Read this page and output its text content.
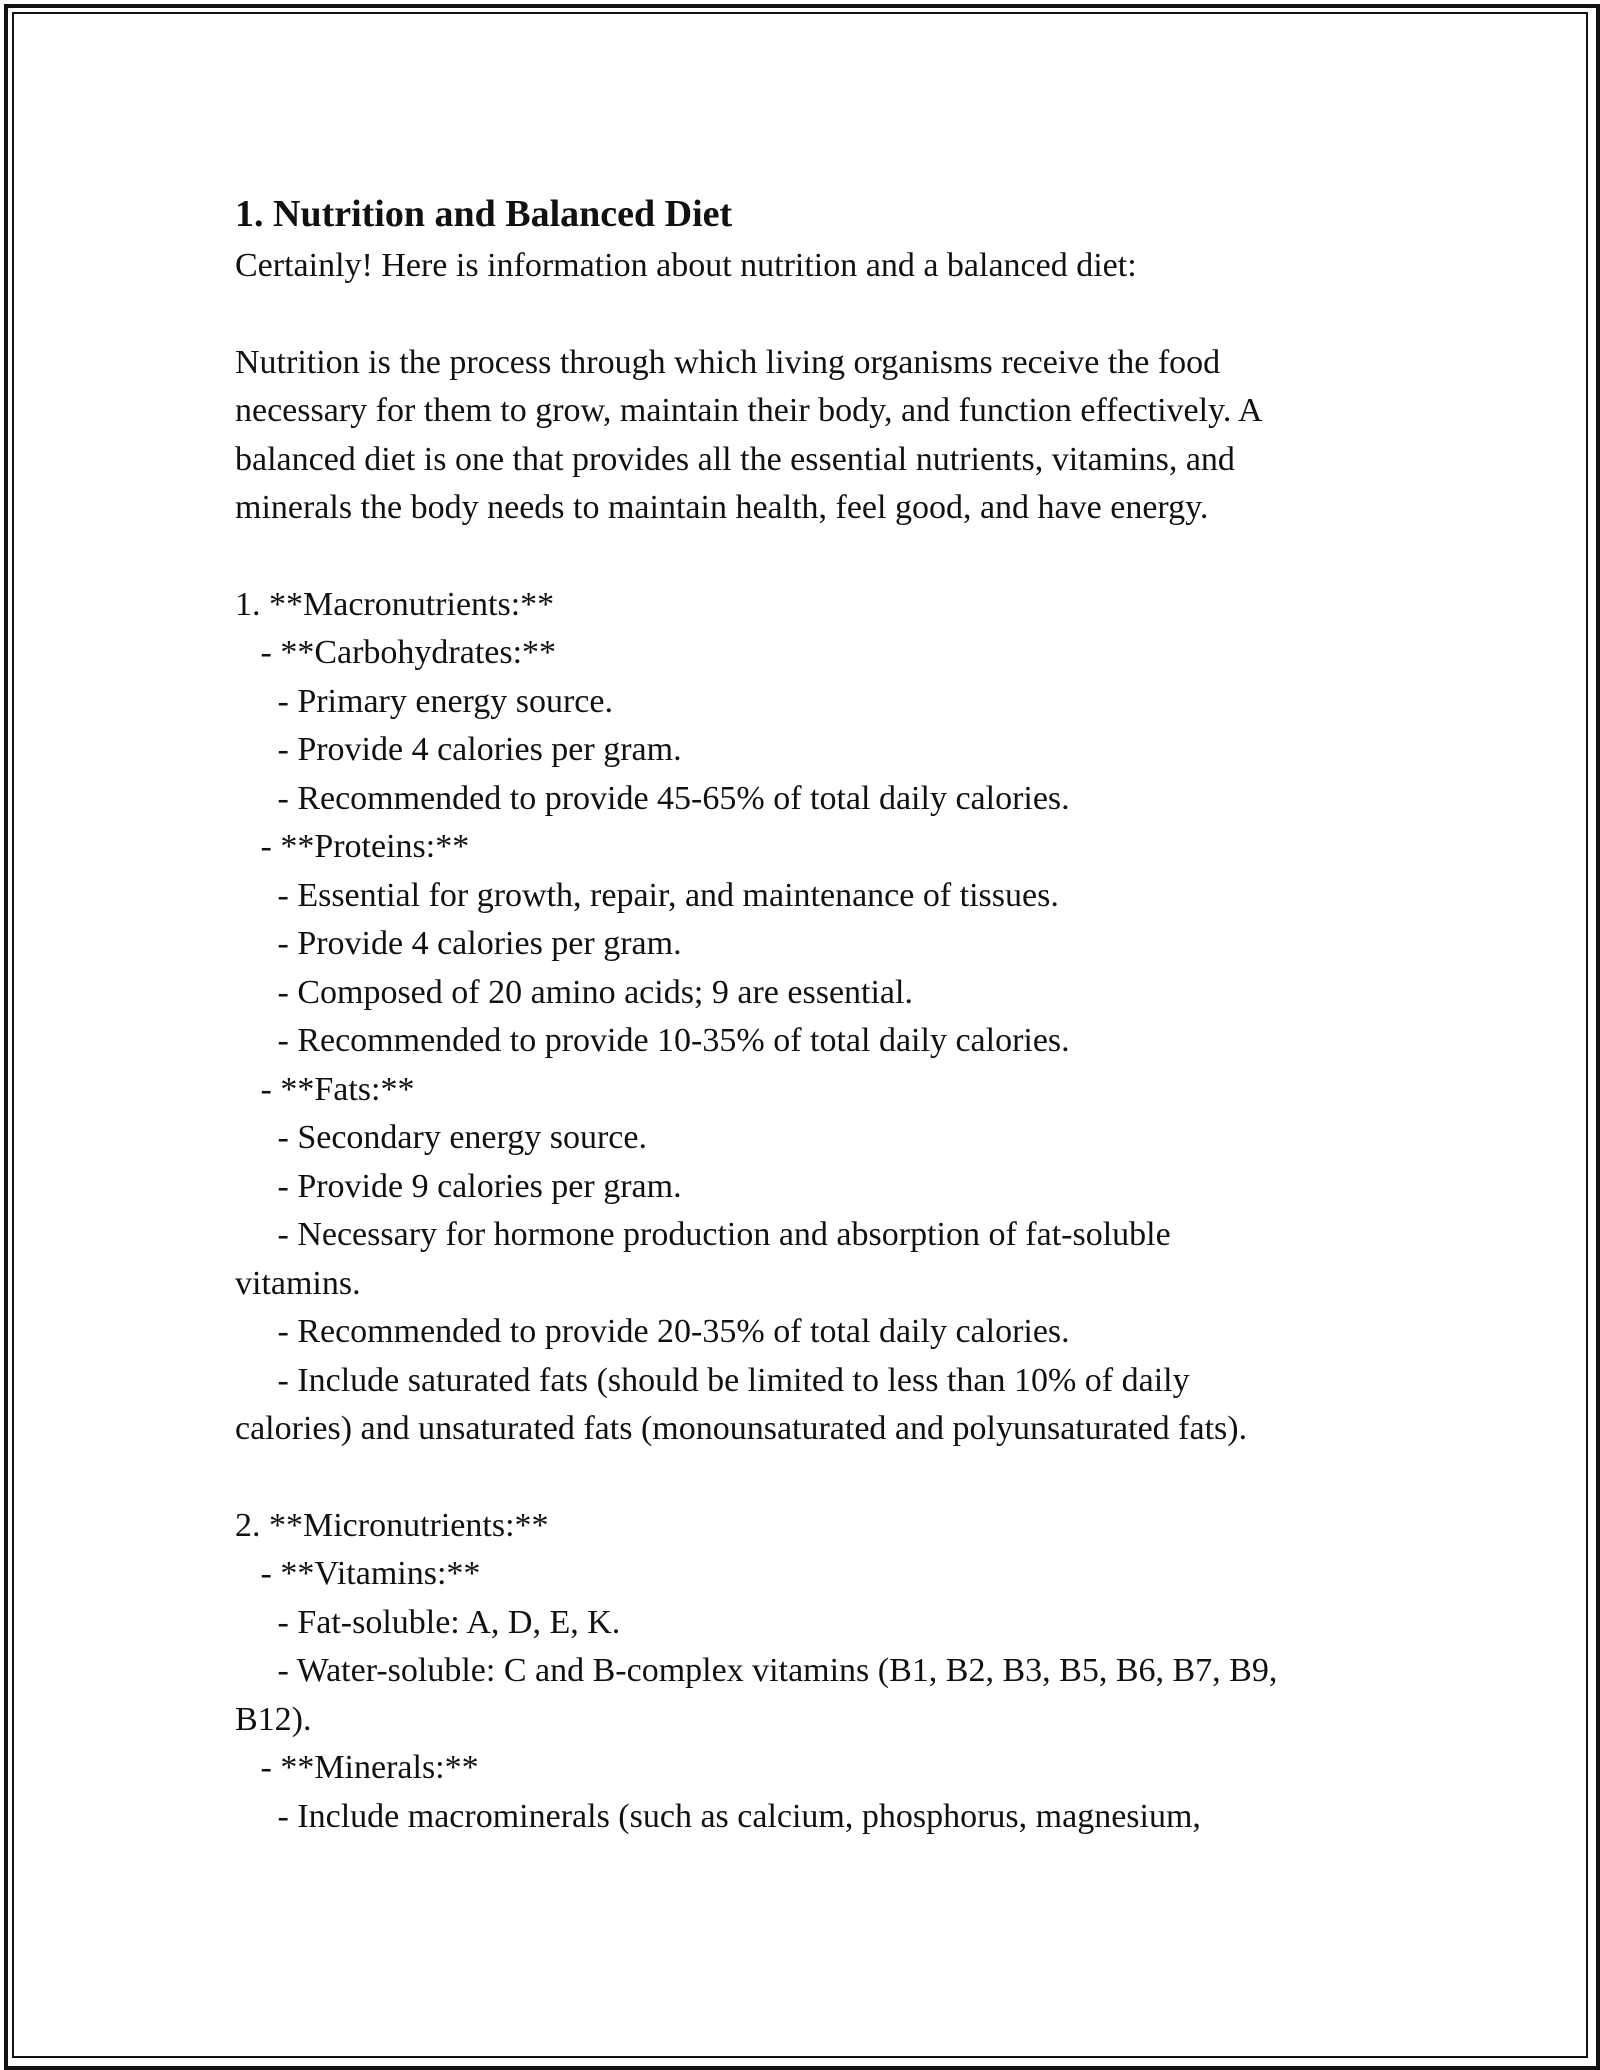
1. Nutrition and Balanced Diet

Certainly! Here is information about nutrition and a balanced diet:

Nutrition is the process through which living organisms receive the food

necessary for them to grow, maintain their body, and function effectively. A

balanced diet is one that provides all the essential nutrients, vitamins, and

minerals the body needs to maintain health, feel good, and have energy.

1. **Macronutrients:**

- **Carbohydrates:**

- Primary energy source.

- Provide 4 calories per gram.

- Recommended to provide 45-65% of total daily calories.

- **Proteins:**

- Essential for growth, repair, and maintenance of tissues.

- Provide 4 calories per gram.

- Composed of 20 amino acids; 9 are essential.

- Recommended to provide 10-35% of total daily calories.

- **Fats:**

- Secondary energy source.

- Provide 9 calories per gram.

- Necessary for hormone production and absorption of fat-soluble

vitamins.

- Recommended to provide 20-35% of total daily calories.

- Include saturated fats (should be limited to less than 10% of daily

calories) and unsaturated fats (monounsaturated and polyunsaturated fats).

2. **Micronutrients:**

- **Vitamins:**

- Fat-soluble: A, D, E, K.

- Water-soluble: C and B-complex vitamins (B1, B2, B3, B5, B6, B7, B9,

B12).

- **Minerals:**

- Include macrominerals (such as calcium, phosphorus, magnesium,
